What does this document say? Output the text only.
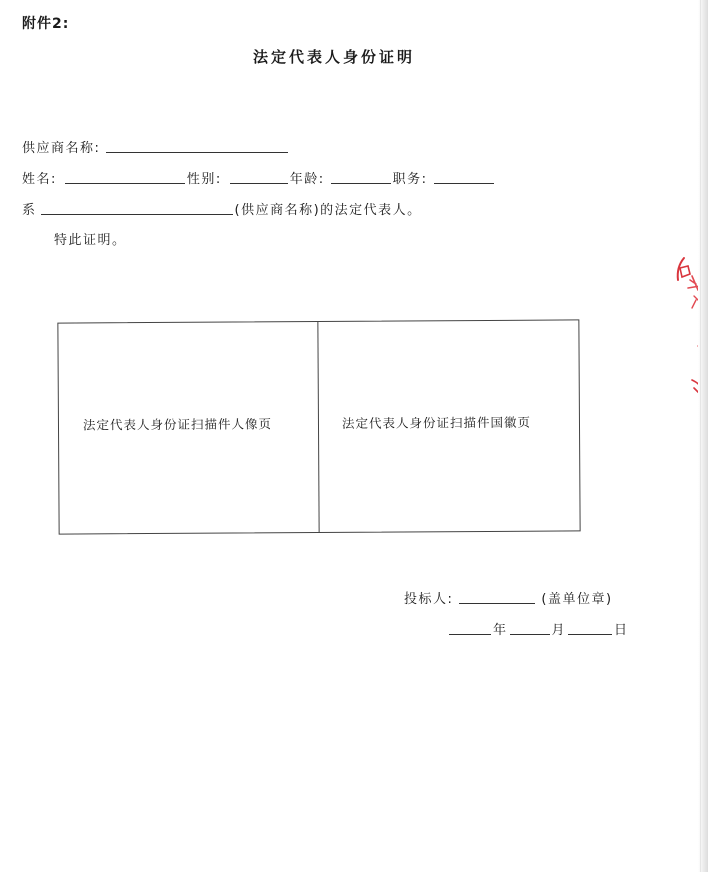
附件2:
法定代表人身份证明
供应商名称:
姓名:	性别:	年龄:	职务:
系	(供应商名称)的法定代表人。
特此证明。
法定代表人身份证扫描件人像页	法定代表人身份证扫描件国徽页
投标人:	(盖单位章)
年	月	日
